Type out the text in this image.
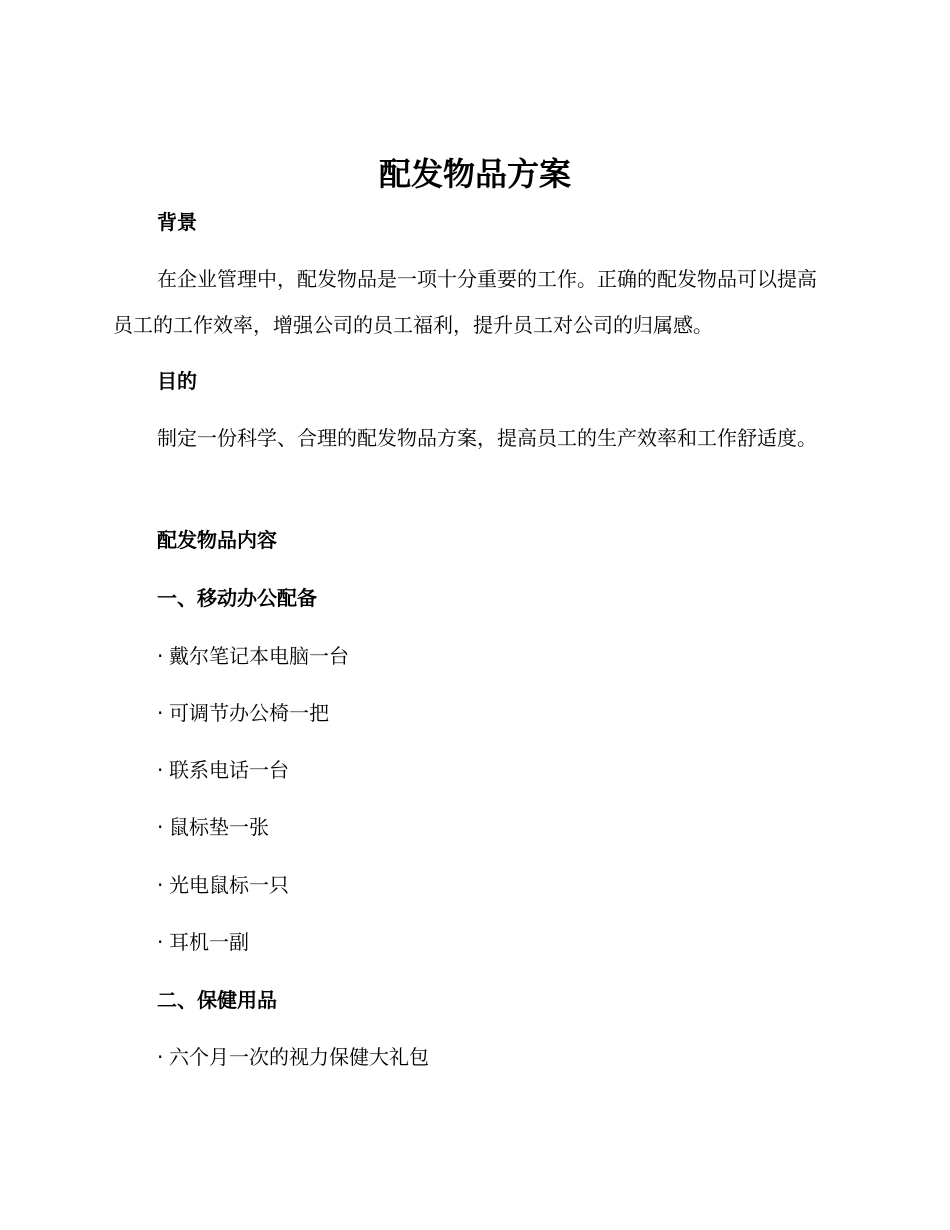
配发物品方案
背景

在企业管理中，配发物品是一项十分重要的工作。正确的配发物品可以提高员工的工作效率，增强公司的员工福利，提升员工对公司的归属感。

目的

制定一份科学、合理的配发物品方案，提高员工的生产效率和工作舒适度。

配发物品内容
一、移动办公配备
· 戴尔笔记本电脑一台
· 可调节办公椅一把
· 联系电话一台
· 鼠标垫一张
· 光电鼠标一只
· 耳机一副
二、保健用品
· 六个月一次的视力保健大礼包
